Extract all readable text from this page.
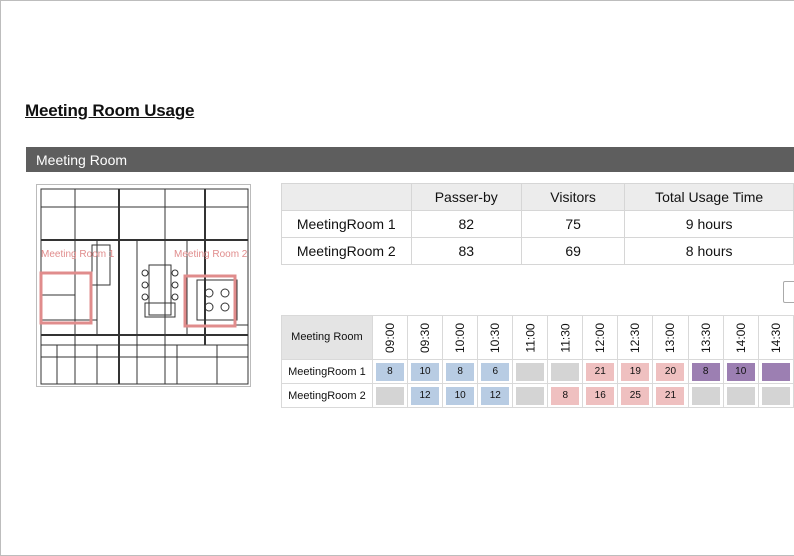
Meeting Room Usage
Meeting Room
Meeting Room 1	Meeting Room 2
	Passer-by	Visitors	Total Usage Time
MeetingRoom 1	82	75	9 hours
MeetingRoom 2	83	69	8 hours
Meeting Room	09:00	09:30	10:00	10:30	11:00	11:30	12:00	12:30	13:00	13:30	14:00	14:30
MeetingRoom 1	8	10	8	6			21	19	20	8	10	

MeetingRoom 2		12	10	12		8	16	25	21			
